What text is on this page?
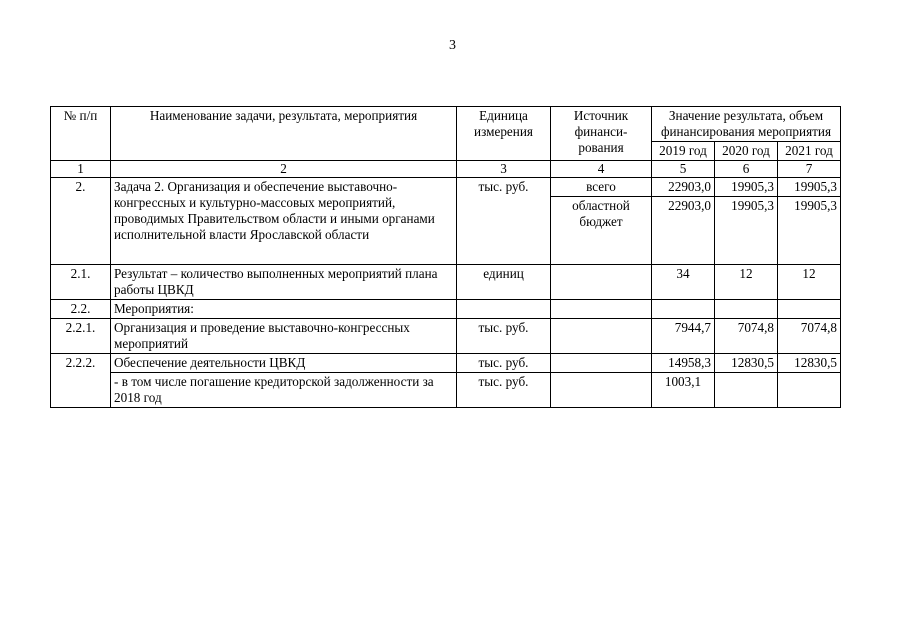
3
№ п/п	Наименование задачи, результата, мероприятия	Единица измерения	Источник финанси-рования	Значение результата, объем финансирования мероприятия		
				2019 год	2020 год	2021 год
1	2	3	4	5	6	7
2.	Задача 2. Организация и обеспечение выставочно-конгрессных и культурно-массовых мероприятий, проводимых Правительством области и иными органами исполнительной власти Ярославской области	тыс. руб.	всего	22903,0	19905,3	19905,3
			областной бюджет	22903,0	19905,3	19905,3
2.1.	Результат – количество выполненных мероприятий плана работы ЦВКД	единиц		34	12	12
2.2.	Мероприятия:					
2.2.1.	Организация и проведение выставочно-конгрессных мероприятий	тыс. руб.		7944,7	7074,8	7074,8
2.2.2.	Обеспечение деятельности ЦВКД	тыс. руб.		14958,3	12830,5	12830,5
	- в том числе погашение кредиторской задолженности за 2018 год	тыс. руб.		1003,1		
